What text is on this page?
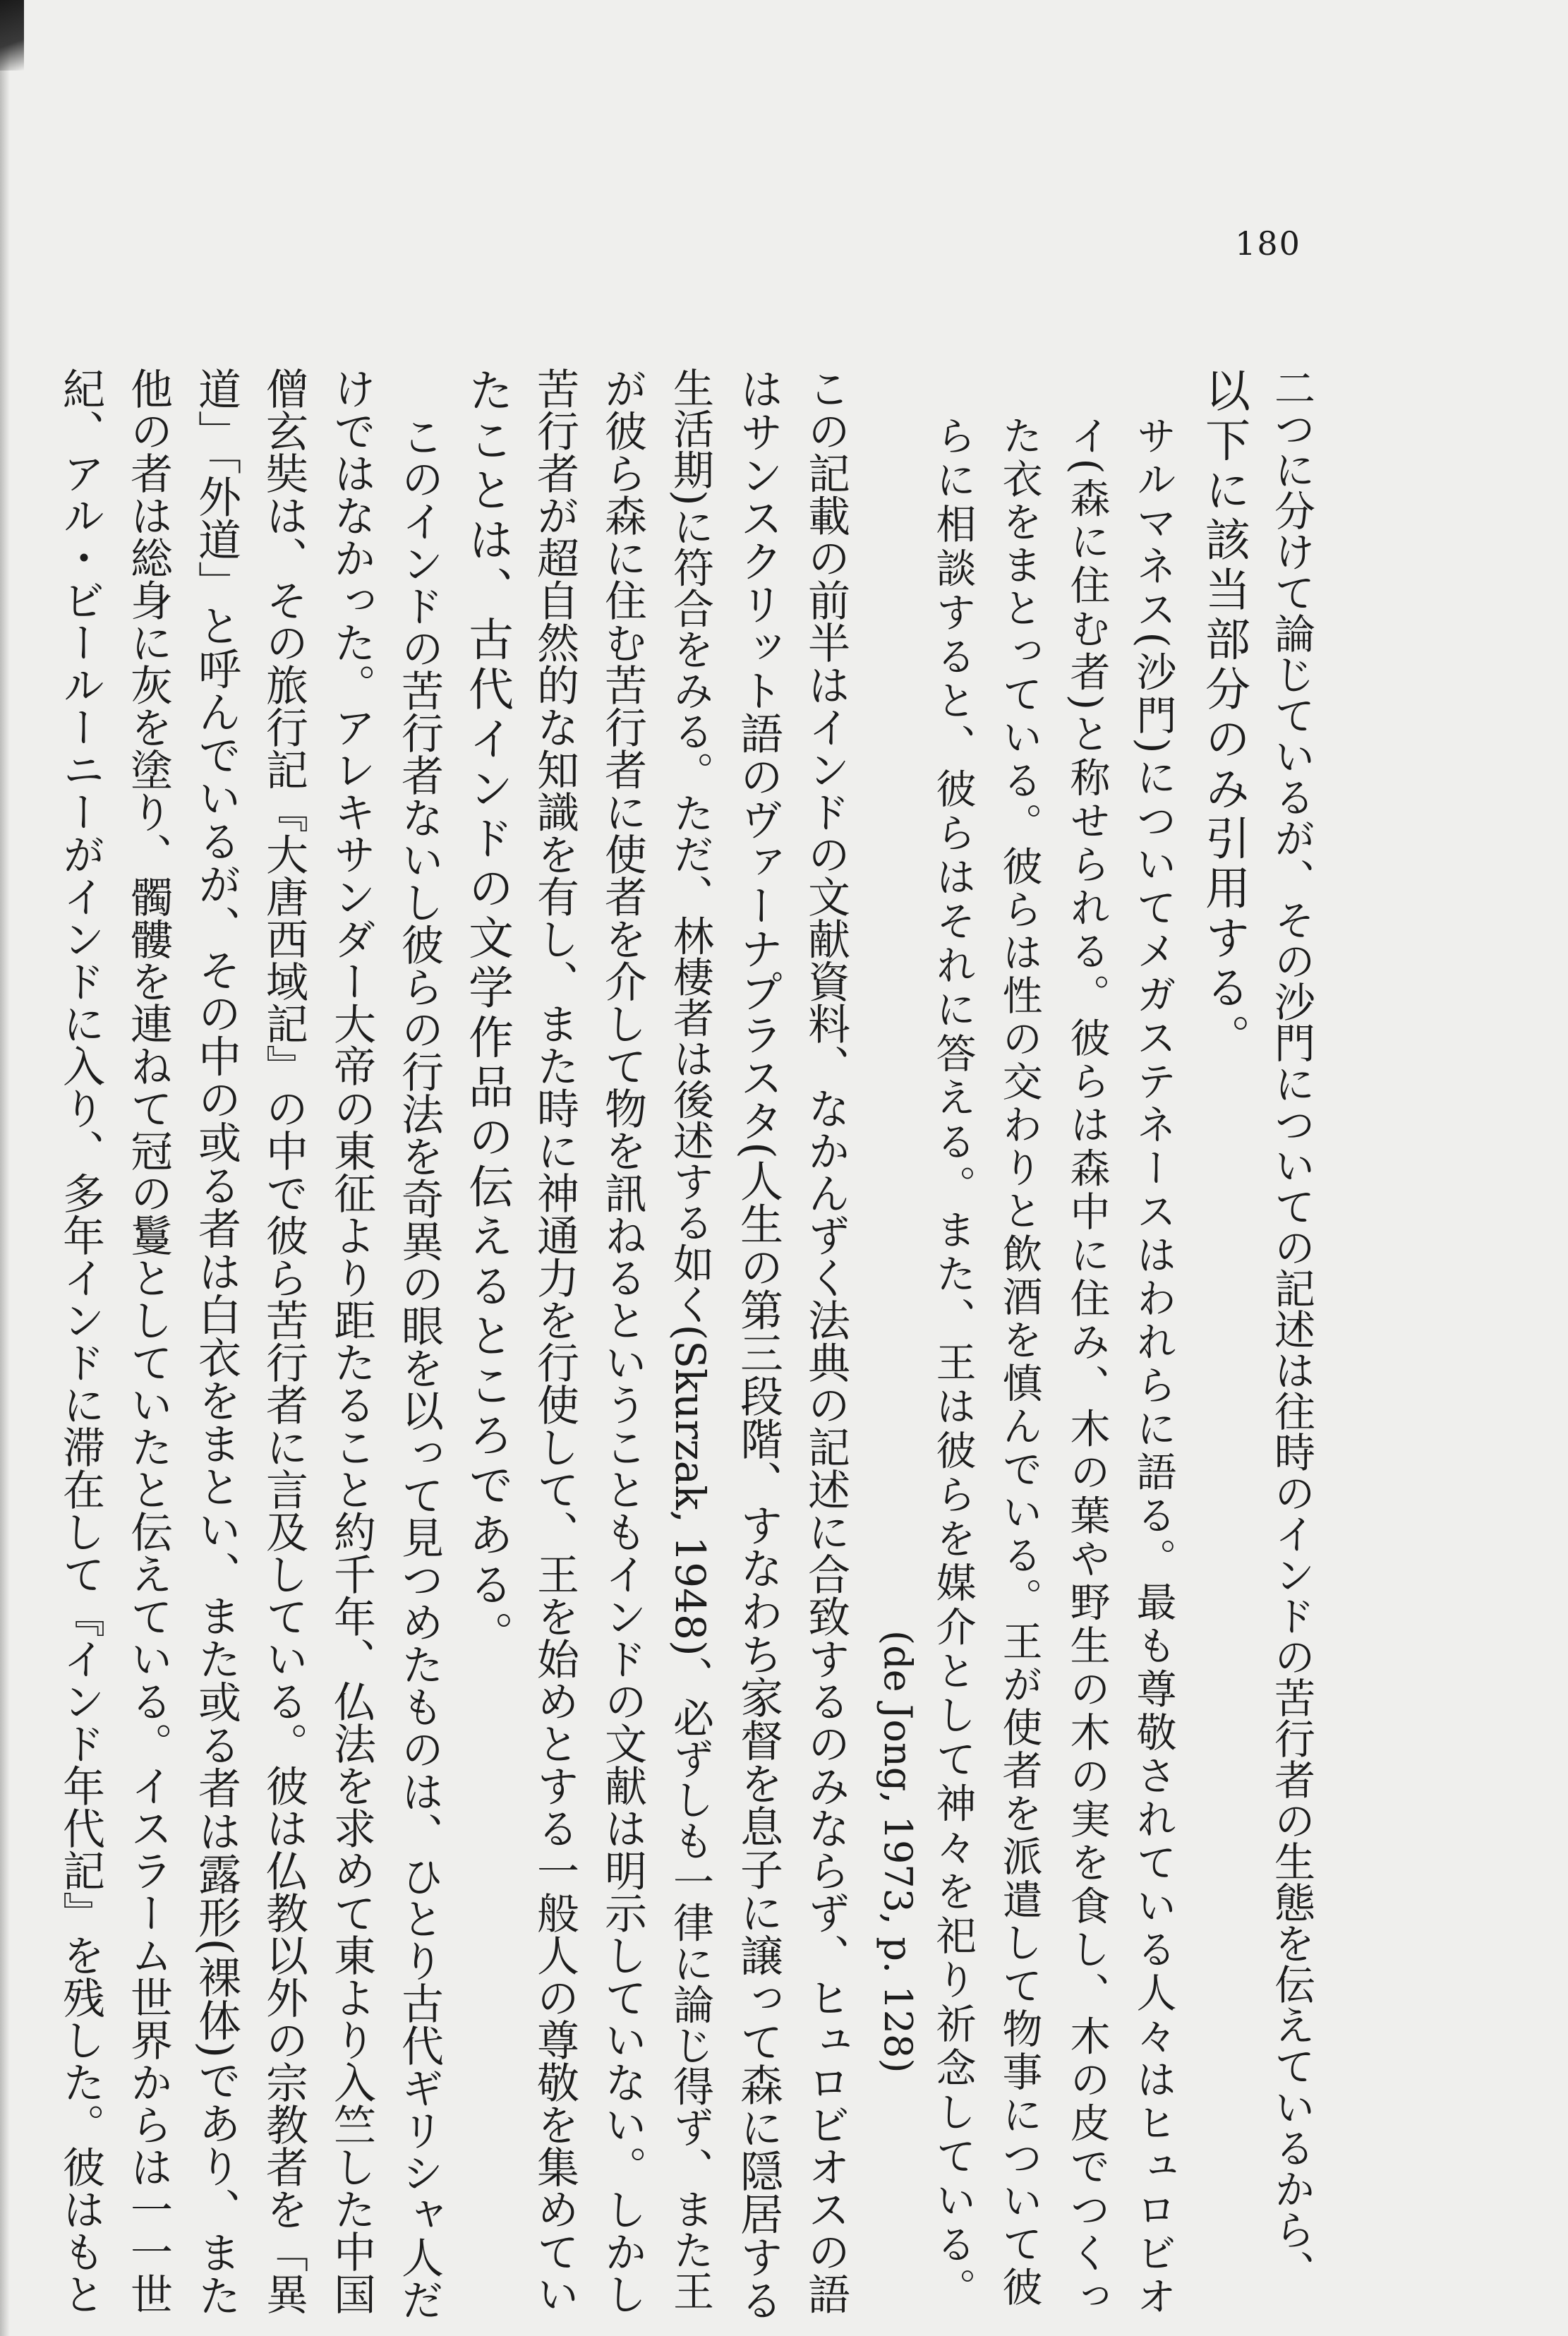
180
二つに分けて論じているが、その沙門についての記述は往時のインドの苦行者の生態を伝えているから、
以下に該当部分のみ引用する。
サルマネス(沙門)についてメガステネースはわれらに語る。最も尊敬されている人々はヒュロビオ
イ(森に住む者)と称せられる。彼らは森中に住み、木の葉や野生の木の実を食し、木の皮でつくっ
た衣をまとっている。彼らは性の交わりと飲酒を慎んでいる。王が使者を派遣して物事について彼
らに相談すると、彼らはそれに答える。また、王は彼らを媒介として神々を祀り祈念している。
(de Jong, 1973, p. 128)
この記載の前半はインドの文献資料、なかんずく法典の記述に合致するのみならず、ヒュロビオスの語
はサンスクリット語のヴァーナプラスタ(人生の第三段階、すなわち家督を息子に譲って森に隠居する
生活期)に符合をみる。ただ、林棲者は後述する如く(Skurzak, 1948)、必ずしも一律に論じ得ず、また王
が彼ら森に住む苦行者に使者を介して物を訊ねるということもインドの文献は明示していない。しかし
苦行者が超自然的な知識を有し、また時に神通力を行使して、王を始めとする一般人の尊敬を集めてい
たことは、古代インドの文学作品の伝えるところである。
このインドの苦行者ないし彼らの行法を奇異の眼を以って見つめたものは、ひとり古代ギリシャ人だ
けではなかった。アレキサンダー大帝の東征より距たること約千年、仏法を求めて東より入竺した中国
僧玄奘は、その旅行記『大唐西域記』の中で彼ら苦行者に言及している。彼は仏教以外の宗教者を「異
道」「外道」と呼んでいるが、その中の或る者は白衣をまとい、また或る者は露形(裸体)であり、また
他の者は総身に灰を塗り、髑髏を連ねて冠の鬘としていたと伝えている。イスラーム世界からは一一世
紀、アル・ビールーニーがインドに入り、多年インドに滞在して『インド年代記』を残した。彼はもと
